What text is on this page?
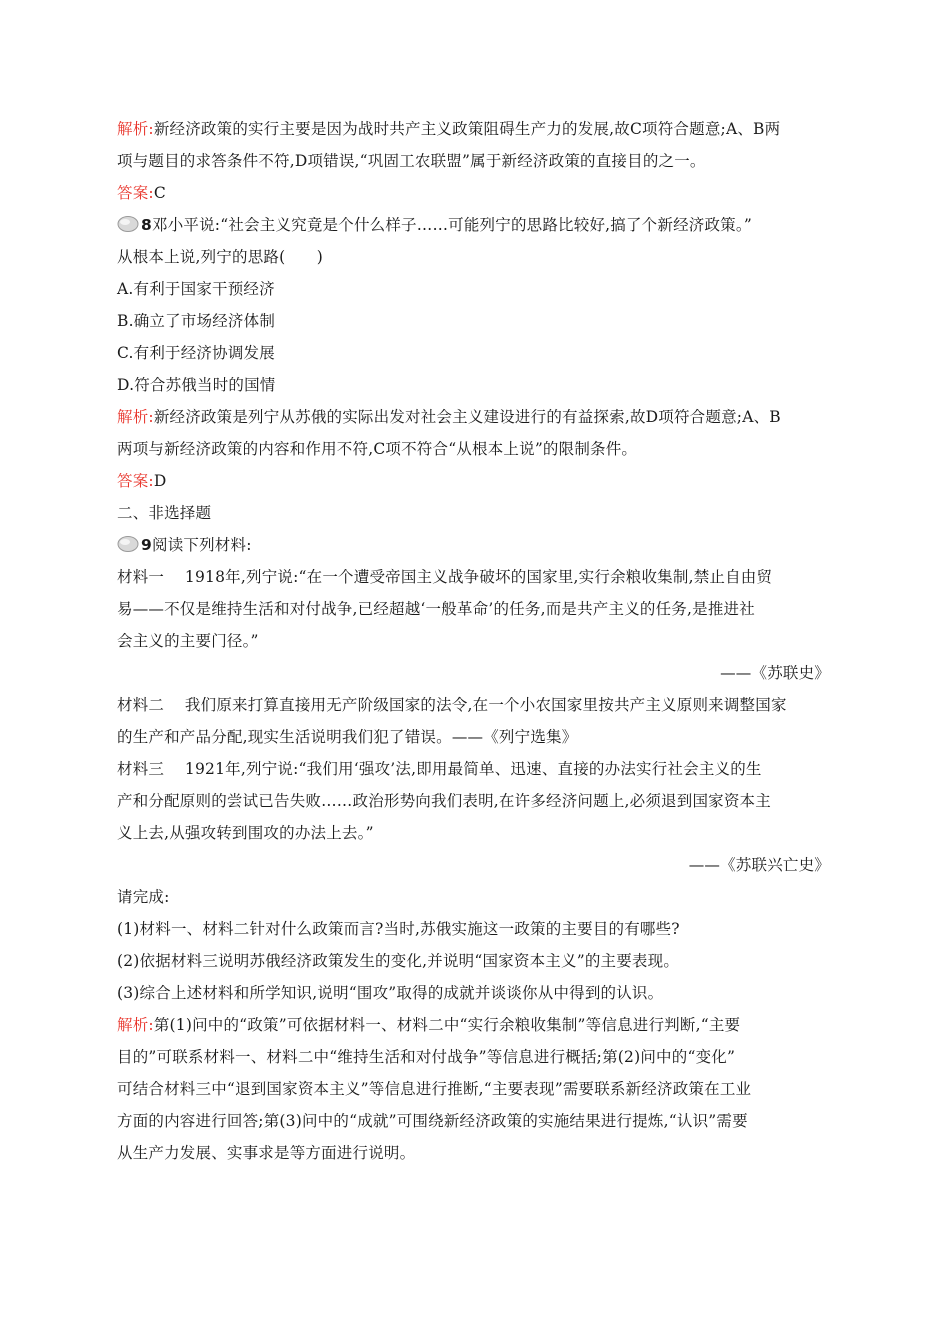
解析:新经济政策的实行主要是因为战时共产主义政策阻碍生产力的发展,故C项符合题意;A、B两
项与题目的求答条件不符,D项错误,“巩固工农联盟”属于新经济政策的直接目的之一。
答案:C
8邓小平说:“社会主义究竟是个什么样子……可能列宁的思路比较好,搞了个新经济政策。”
从根本上说,列宁的思路(　　)
A.有利于国家干预经济
B.确立了市场经济体制
C.有利于经济协调发展
D.符合苏俄当时的国情
解析:新经济政策是列宁从苏俄的实际出发对社会主义建设进行的有益探索,故D项符合题意;A、B
两项与新经济政策的内容和作用不符,C项不符合“从根本上说”的限制条件。
答案:D
二、非选择题
9阅读下列材料:
材料一　 1918年,列宁说:“在一个遭受帝国主义战争破坏的国家里,实行余粮收集制,禁止自由贸
易——不仅是维持生活和对付战争,已经超越‘一般革命’的任务,而是共产主义的任务,是推进社
会主义的主要门径。”
——《苏联史》
材料二　 我们原来打算直接用无产阶级国家的法令,在一个小农国家里按共产主义原则来调整国家
的生产和产品分配,现实生活说明我们犯了错误。——《列宁选集》
材料三　 1921年,列宁说:“我们用‘强攻’法,即用最简单、迅速、直接的办法实行社会主义的生
产和分配原则的尝试已告失败……政治形势向我们表明,在许多经济问题上,必须退到国家资本主
义上去,从强攻转到围攻的办法上去。”
——《苏联兴亡史》
请完成:
(1)材料一、材料二针对什么政策而言?当时,苏俄实施这一政策的主要目的有哪些?
(2)依据材料三说明苏俄经济政策发生的变化,并说明“国家资本主义”的主要表现。
(3)综合上述材料和所学知识,说明“围攻”取得的成就并谈谈你从中得到的认识。
解析:第(1)问中的“政策”可依据材料一、材料二中“实行余粮收集制”等信息进行判断,“主要
目的”可联系材料一、材料二中“维持生活和对付战争”等信息进行概括;第(2)问中的“变化”
可结合材料三中“退到国家资本主义”等信息进行推断,“主要表现”需要联系新经济政策在工业
方面的内容进行回答;第(3)问中的“成就”可围绕新经济政策的实施结果进行提炼,“认识”需要
从生产力发展、实事求是等方面进行说明。
